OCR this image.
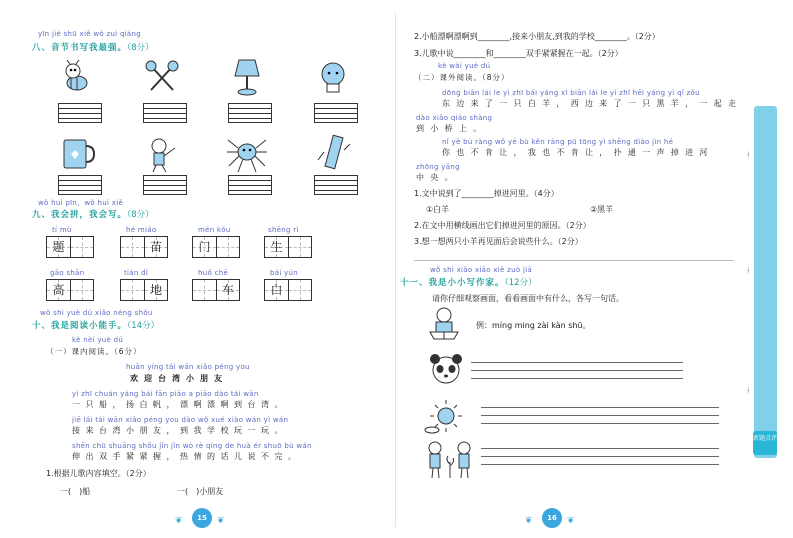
yīn jié shū xiě wǒ zuì qiáng
八、音节书写我最强。（8分）
wǒ huì pīn，wǒ huì xiě
九、我会拼，我会写。（8分）
tí mù
题
hé miáo
苗
mén kǒu
门
shēng rì
生
gāo shān
高
tián dì
地
huǒ chē
车
bái yún
白
wǒ shì yuè dú xiǎo néng shǒu
十、我是阅读小能手。（14分）
kè nèi yuè dú
（一）课内阅读。（6分）
huān yíng tái wān xiǎo péng you
欢迎台湾小朋友
yì zhī chuán yáng bái fān piāo a piāo dào tái wān
一只船，扬白帆，漂啊漂啊到台湾。
jiē lái tái wān xiǎo péng you dào wǒ xué xiào wán yì wán
接来台湾小朋友，到我学校玩一玩。
shēn chū shuāng shǒu jǐn jǐn wò rè qíng de huà ér shuō bù wán
伸出双手紧紧握，热情的话儿说不完。
1.根据儿歌内容填空。（2分）
一(　)船	一(　)小朋友
❦	15	❦
2.小船漂啊漂啊到________,接来小朋友,到我的学校________。（2分）
3.儿歌中说________和________双手紧紧握在一起。（2分）
kè wài yuè dú
（二）课外阅读。（8分）
dōng biān lái le yì zhī bái yáng xī biān lái le yì zhī hēi yáng yì qǐ zǒu
东边来了一只白羊，西边来了一只黑羊，一起走
dào xiǎo qiáo shàng
到小桥上。
nǐ yě bù ràng wǒ yě bù kěn ràng pū tōng yì shēng diào jìn hé
你也不肯让，我也不肯让，扑通一声掉进河
zhōng yāng
中央。
1.文中说到了________掉进河里。（4分）
①白羊	②黑羊
2.在文中用横线画出它们掉进河里的原因。（2分）
3.想一想两只小羊再见面后会说些什么。（2分）
wǒ shì xiǎo xiǎo xiě zuò jiā
十一、我是小小写作家。（12分）
请你仔细观察画面，看看画面中有什么，各写一句话。
例：míng ming zài kàn shū。
❦	16	❦
新题点评
┤
┤
┤
